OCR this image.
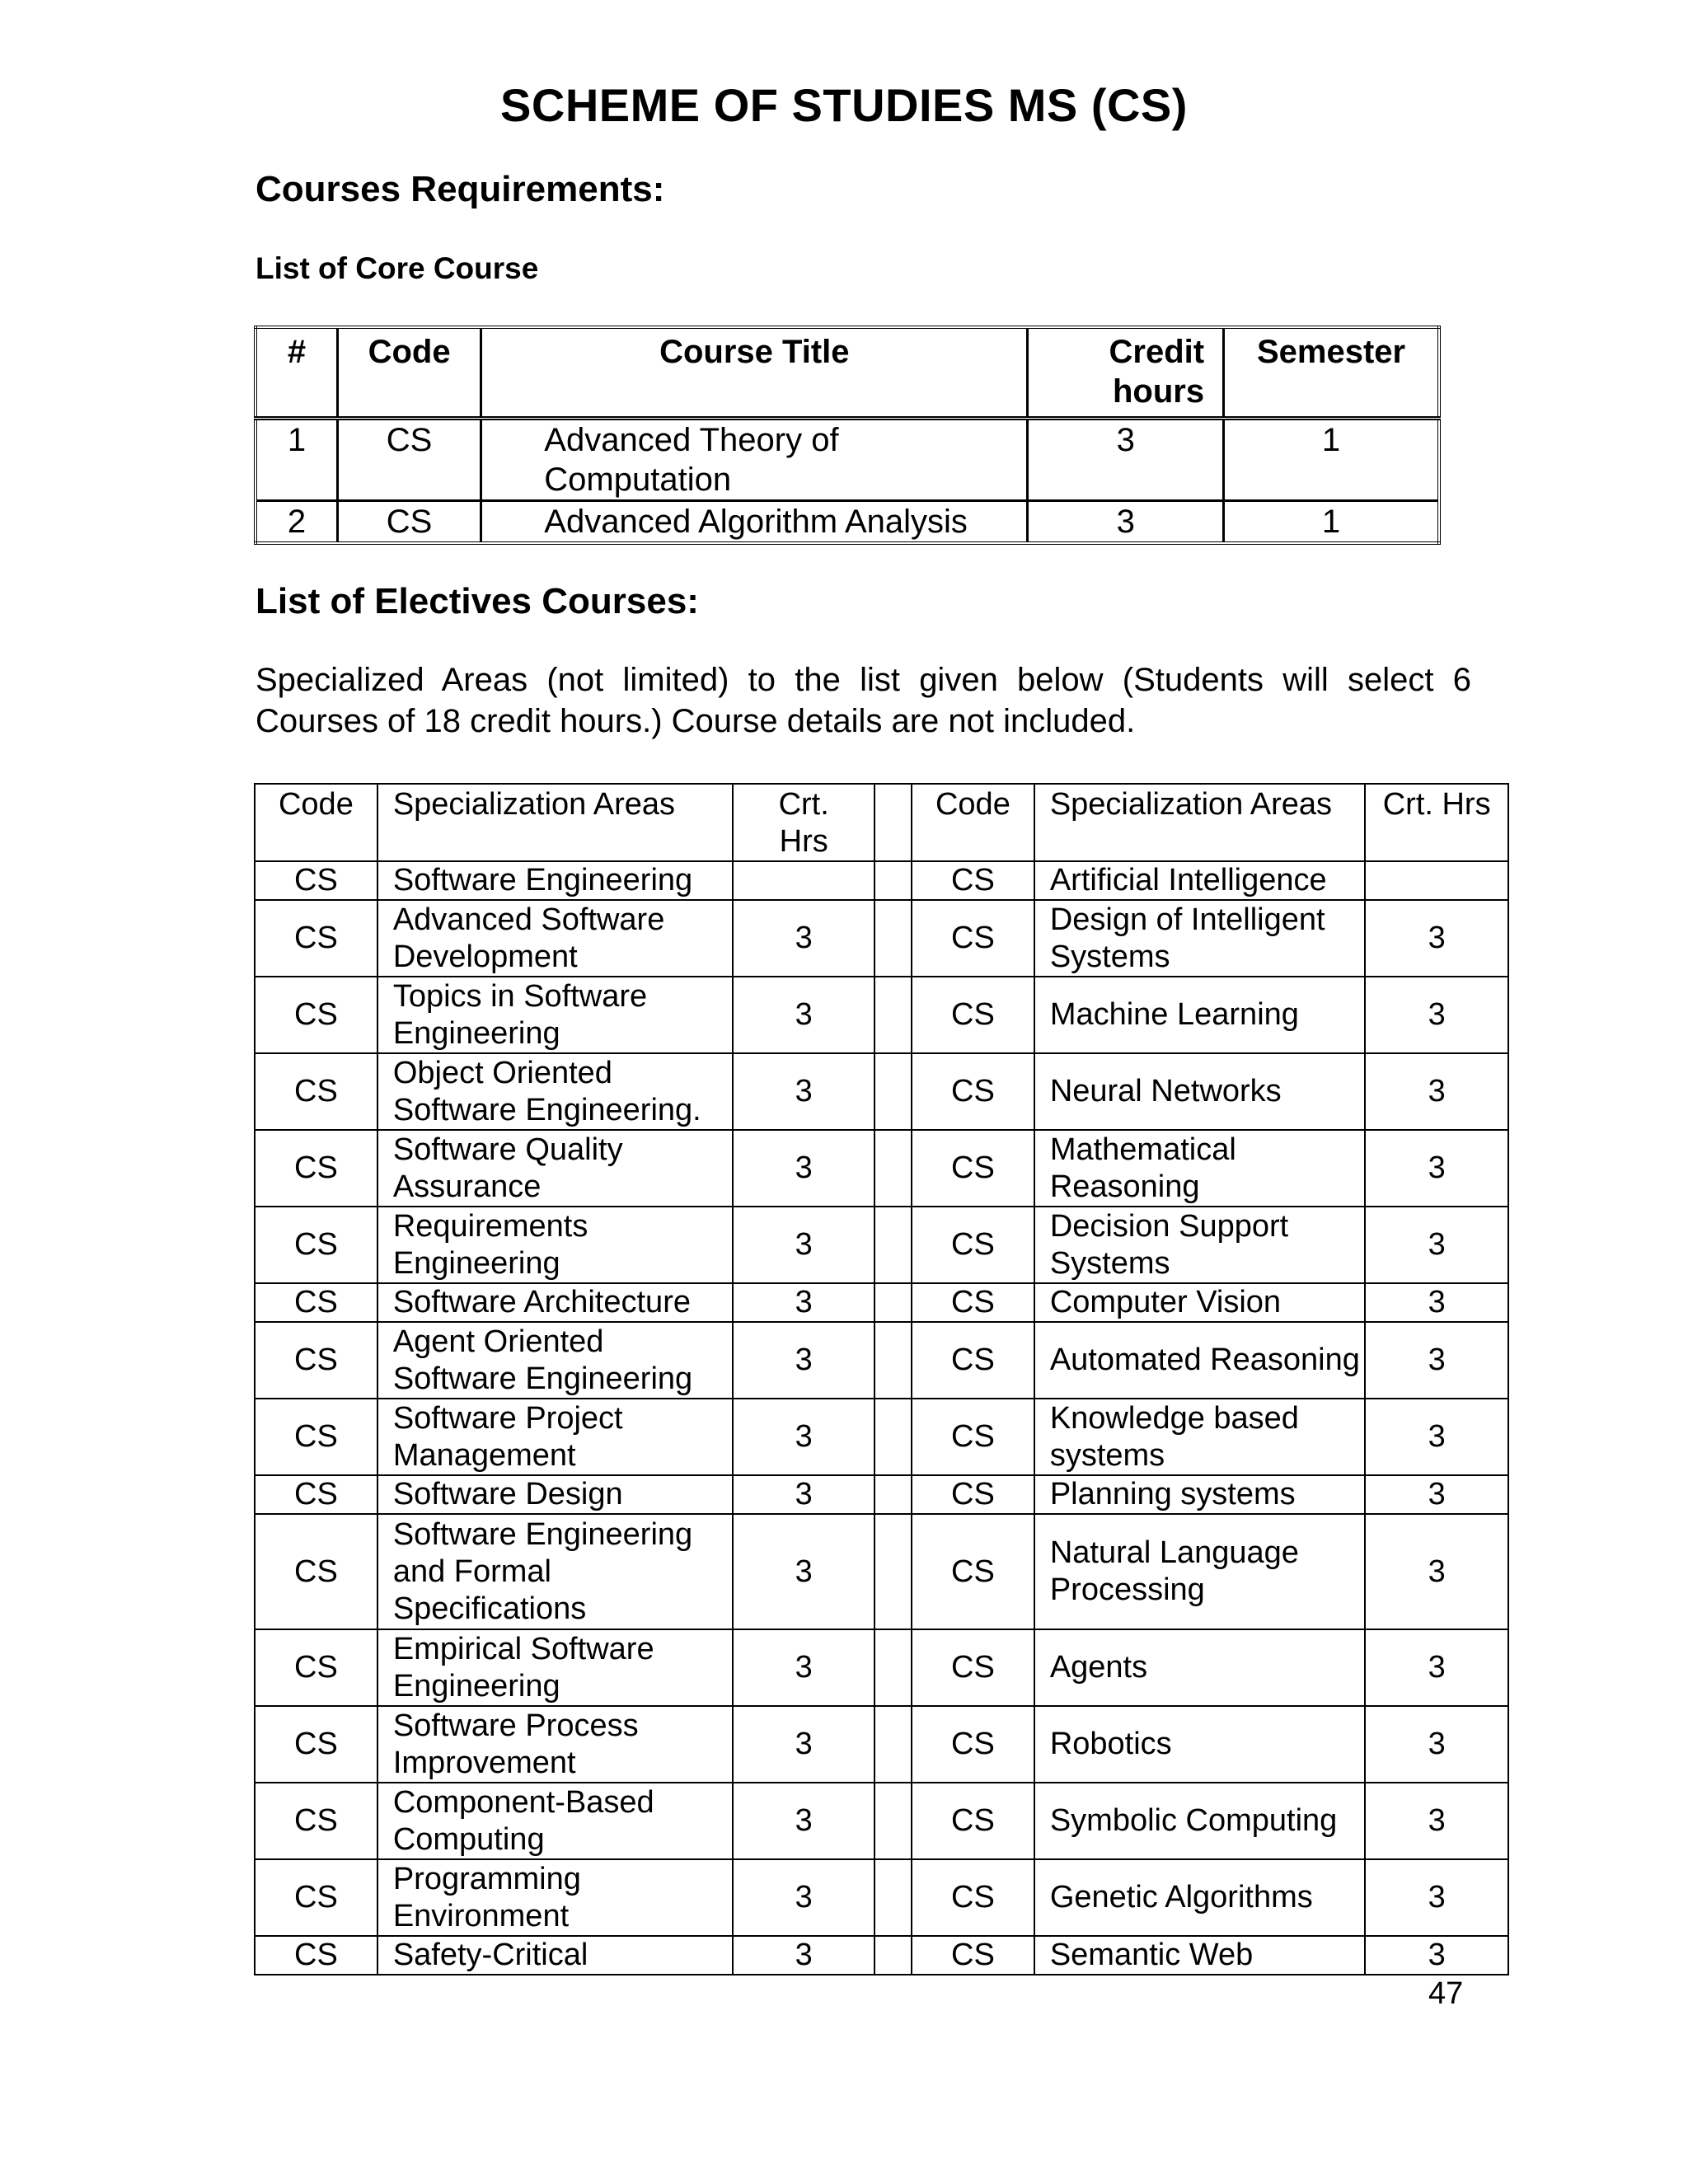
SCHEME OF STUDIES MS (CS)
Courses Requirements:
List of Core Course
#	Code	Course Title	Credit hours	Semester
1	CS	Advanced Theory of Computation	3	1
2	CS	Advanced Algorithm Analysis	3	1
List of Electives Courses:
Specialized Areas (not limited) to the list given below (Students will select 6 Courses of 18 credit hours.) Course details are not included.
Code	Specialization Areas	Crt. Hrs		Code	Specialization Areas	Crt. Hrs
CS	Software Engineering			CS	Artificial Intelligence	
CS	Advanced Software Development	3		CS	Design of Intelligent Systems	3
CS	Topics in Software Engineering	3		CS	Machine Learning	3
CS	Object Oriented Software Engineering.	3		CS	Neural Networks	3
CS	Software Quality Assurance	3		CS	Mathematical Reasoning	3
CS	Requirements Engineering	3		CS	Decision Support Systems	3
CS	Software Architecture	3		CS	Computer Vision	3
CS	Agent Oriented Software Engineering	3		CS	Automated Reasoning	3
CS	Software Project Management	3		CS	Knowledge based systems	3
CS	Software Design	3		CS	Planning systems	3
CS	Software Engineering and Formal Specifications	3		CS	Natural Language Processing	3
CS	Empirical Software Engineering	3		CS	Agents	3
CS	Software Process Improvement	3		CS	Robotics	3
CS	Component-Based Computing	3		CS	Symbolic Computing	3
CS	Programming Environment	3		CS	Genetic Algorithms	3
CS	Safety-Critical	3		CS	Semantic Web	3
47
